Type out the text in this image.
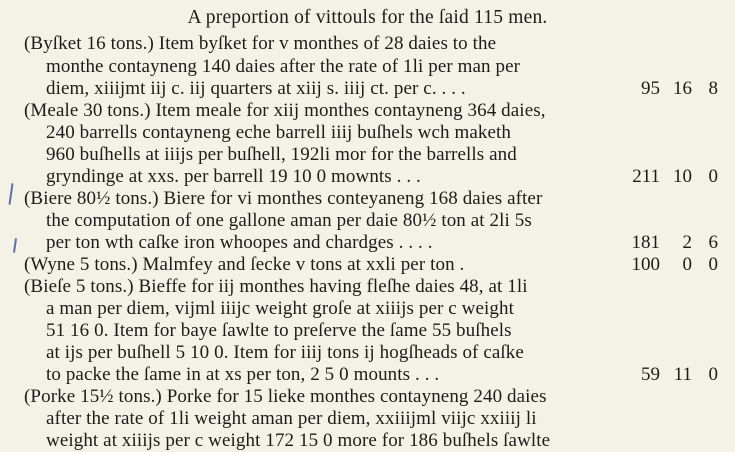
A preportion of vittouls for the ſaid 115 men.
(Byſket 16 tons.) Item byſket for v monthes of 28 daies to the
monthe contayneng 140 daies after the rate of 1li per man per
diem, xiiijmt iij c. iij quarters at xiij s. iiij ct. per c. . . .
(Meale 30 tons.) Item meale for xiij monthes contayneng 364 daies,
240 barrells contayneng eche barrell iiij buſhels wch maketh
960 buſhells at iiijs per buſhell, 192li mor for the barrells and
gryndinge at xxs. per barrell 19 10 0 mownts . . .
(Biere 80½ tons.) Biere for vi monthes conteyaneng 168 daies after
the computation of one gallone aman per daie 80½ ton at 2li 5s
per ton wth caſke iron whoopes and chardges . . . .
(Wyne 5 tons.) Malmfey and ſecke v tons at xxli per ton .
(Bieſe 5 tons.) Bieffe for iij monthes having fleſhe daies 48, at 1li
a man per diem, vijml iiijc weight groſe at xiiijs per c weight
51 16 0. Item for baye ſawlte to preſerve the ſame 55 buſhels
at ijs per buſhell 5 10 0. Item for iiij tons ij hogſheads of caſke
to packe the ſame in at xs per ton, 2 5 0 mounts . . .
(Porke 15½ tons.) Porke for 15 lieke monthes contayneng 240 daies
after the rate of 1li weight aman per diem, xxiiijml viijc xxiiij li
weight at xiiijs per c weight 172 15 0 more for 186 buſhels ſawlte
95 16 8
211 10 0
181	2 6
100	0 0
59 11 0
